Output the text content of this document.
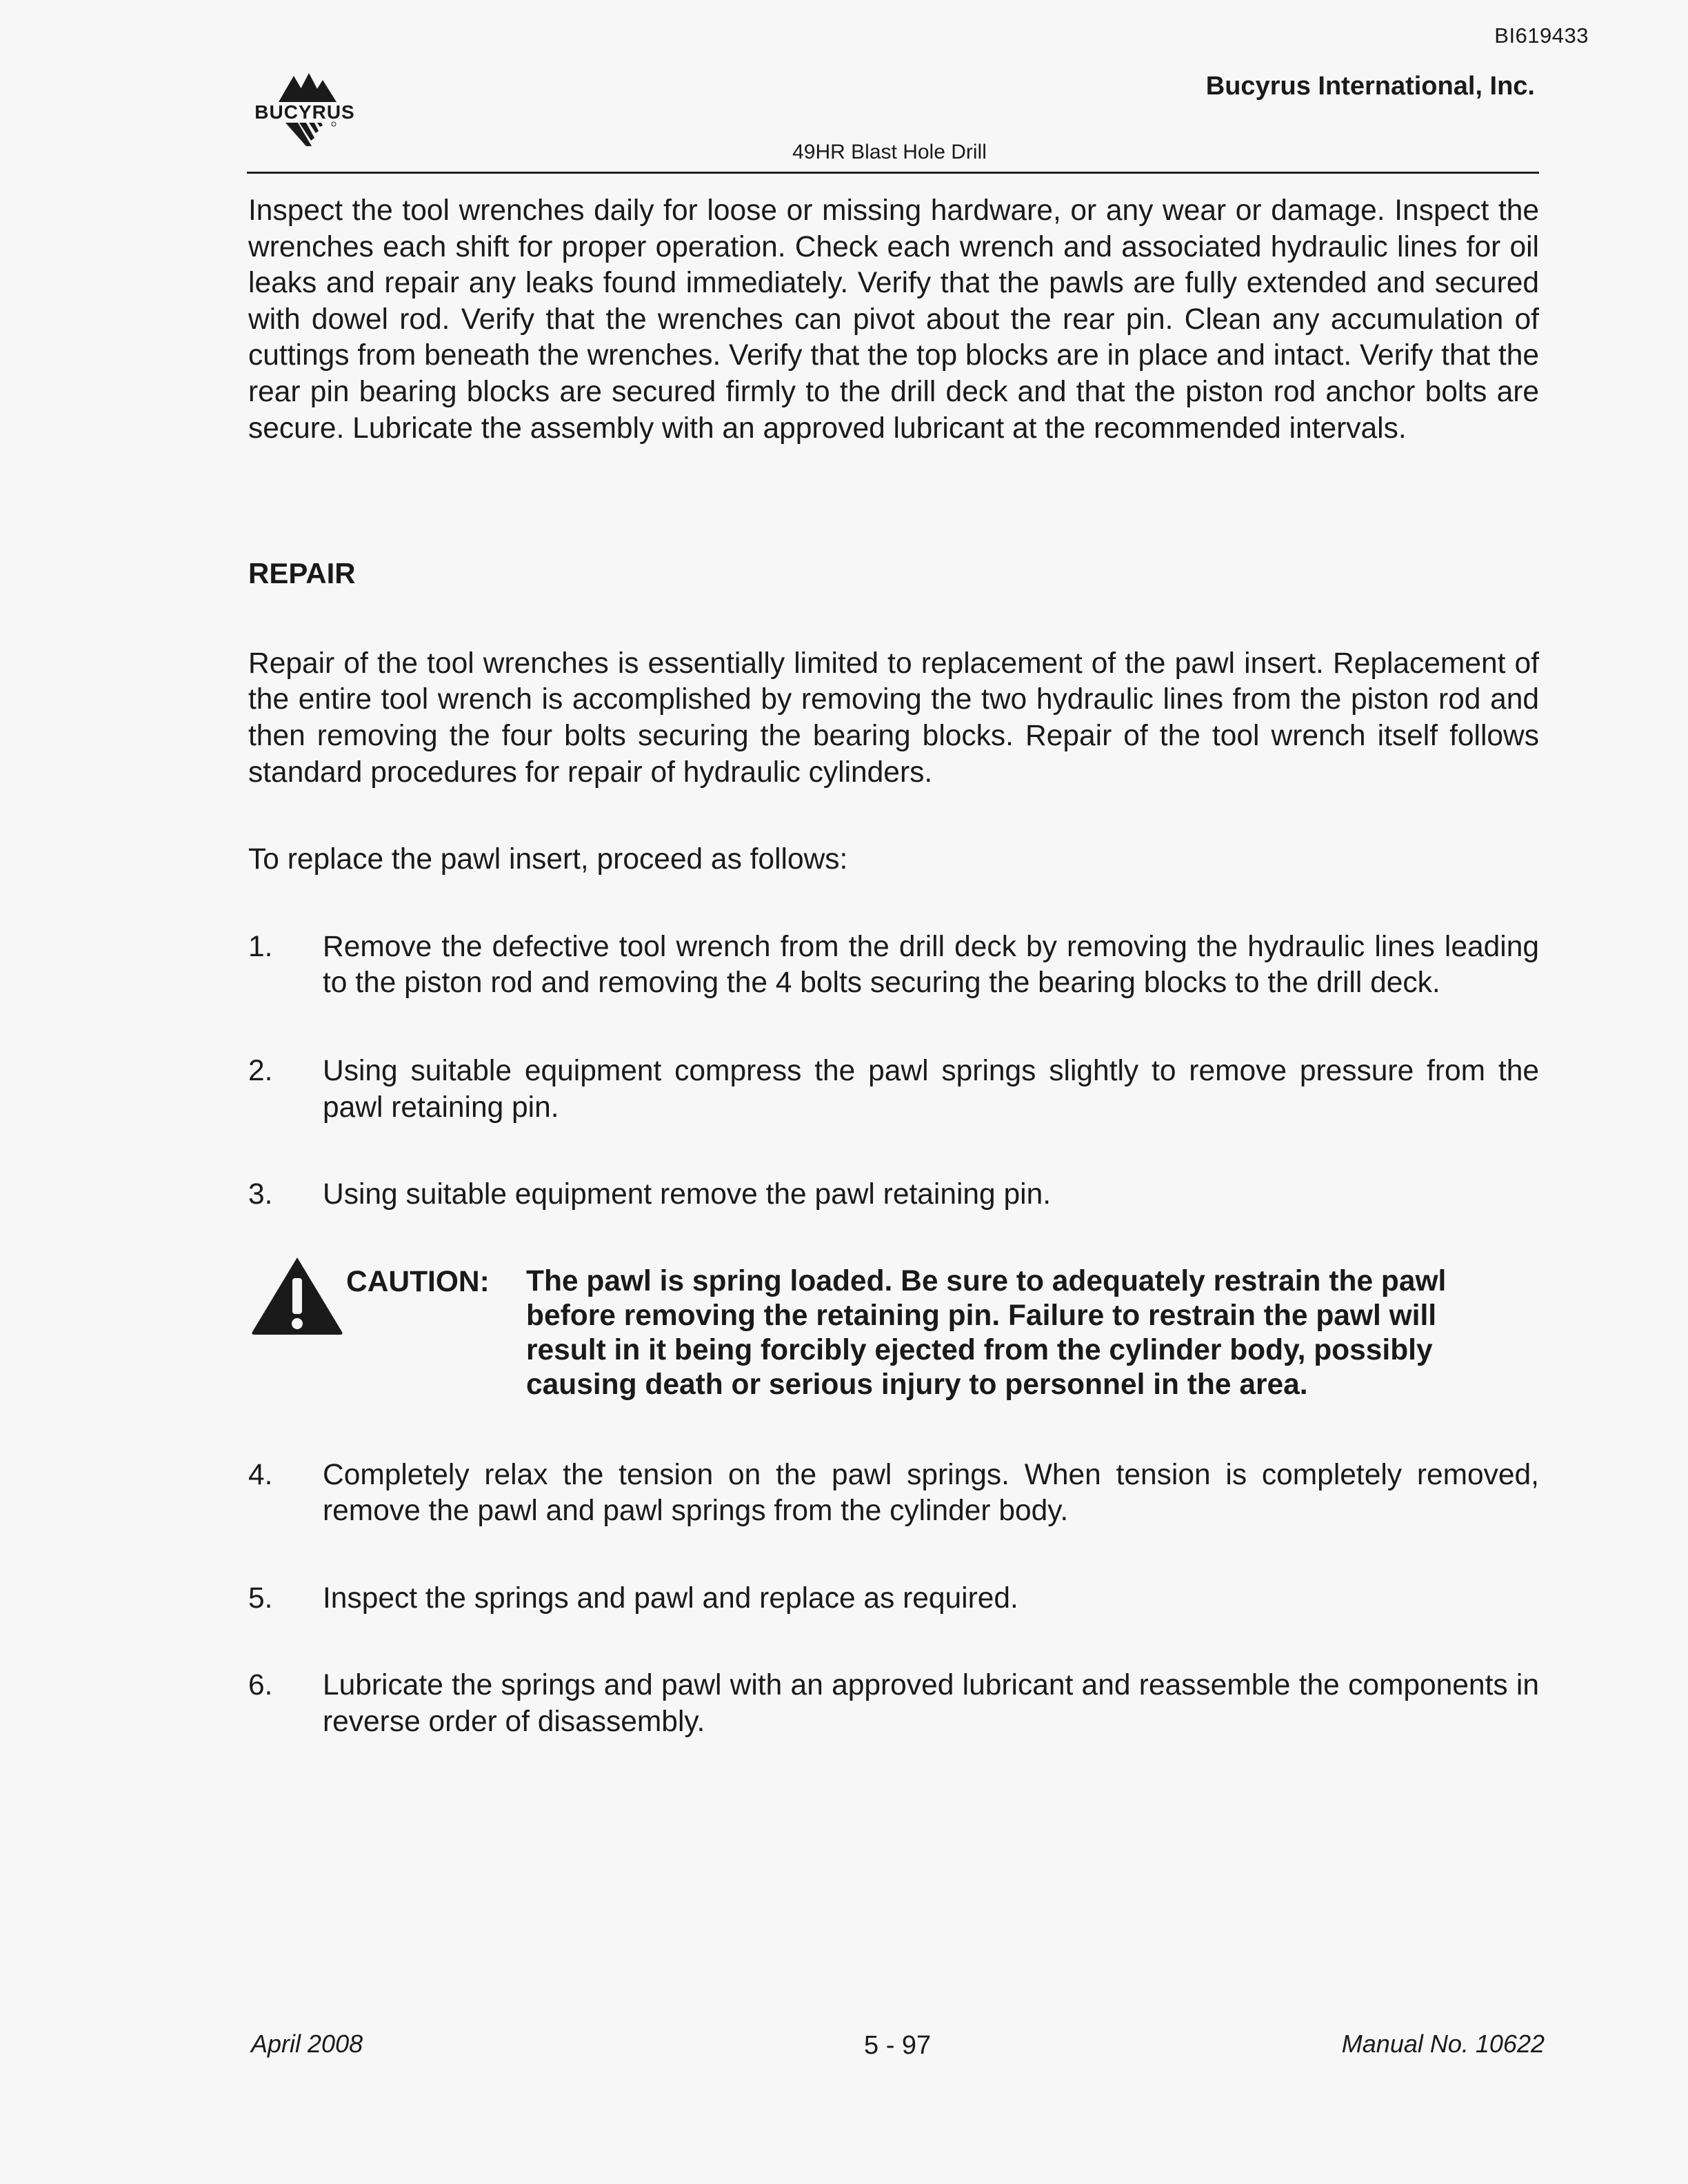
BI619433
BUCYRUS
Bucyrus International, Inc.
49HR Blast Hole Drill

Inspect the tool wrenches daily for loose or missing hardware, or any wear or damage. Inspect the wrenches each shift for proper operation. Check each wrench and associated hydraulic lines for oil leaks and repair any leaks found immediately. Verify that the pawls are fully extended and secured with dowel rod. Verify that the wrenches can pivot about the rear pin. Clean any accumulation of cuttings from beneath the wrenches. Verify that the top blocks are in place and intact. Verify that the rear pin bearing blocks are secured firmly to the drill deck and that the piston rod anchor bolts are secure. Lubricate the assembly with an approved lubricant at the recommended intervals.

REPAIR

Repair of the tool wrenches is essentially limited to replacement of the pawl insert. Replacement of the entire tool wrench is accomplished by removing the two hydraulic lines from the piston rod and then removing the four bolts securing the bearing blocks. Repair of the tool wrench itself follows standard procedures for repair of hydraulic cylinders.

To replace the pawl insert, proceed as follows:

1.	Remove the defective tool wrench from the drill deck by removing the hydraulic lines leading to the piston rod and removing the 4 bolts securing the bearing blocks to the drill deck.
2.	Using suitable equipment compress the pawl springs slightly to remove pressure from the pawl retaining pin.
3.	Using suitable equipment remove the pawl retaining pin.
CAUTION:	The pawl is spring loaded. Be sure to adequately restrain the pawl before removing the retaining pin. Failure to restrain the pawl will result in it being forcibly ejected from the cylinder body, possibly causing death or serious injury to personnel in the area.
4.	Completely relax the tension on the pawl springs. When tension is completely removed, remove the pawl and pawl springs from the cylinder body.
5.	Inspect the springs and pawl and replace as required.
6.	Lubricate the springs and pawl with an approved lubricant and reassemble the components in reverse order of disassembly.
April 2008	5 - 97	Manual No. 10622
